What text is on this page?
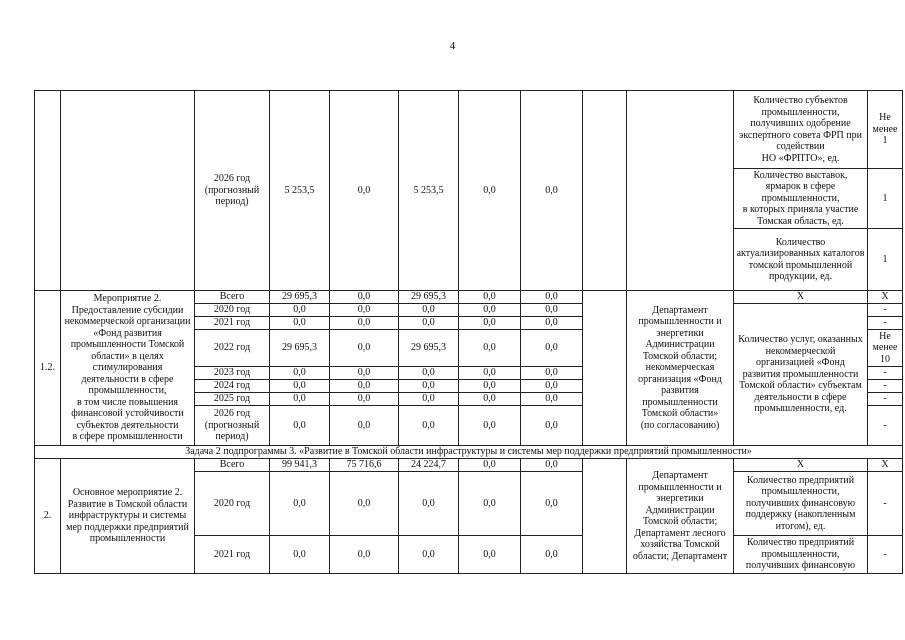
4
		2026 год
(прогнозный
период)	5 253,5	0,0	5 253,5	0,0	0,0			Количество субъектов промышленности, получивших одобрение экспертного совета ФРП при содействии
НО «ФРПТО», ед.	Не
менее 1
										Количество выставок, ярмарок в сфере промышленности,
в которых приняла участие
Томская область, ед.	1
										Количество актуализированных каталогов томской промышленной продукции, ед.	1
1.2.	Мероприятие 2.
Предоставление субсидии некоммерческой организации «Фонд развития промышленности Томской области» в целях стимулирования деятельности в сфере промышленности,
в том числе повышения финансовой устойчивости субъектов деятельности
в сфере промышленности	Всего	29 695,3	0,0	29 695,3	0,0	0,0		Департамент промышленности и энергетики Администрации Томской области; некоммерческая организация «Фонд развития промышленности Томской области»
(по согласованию)	X	X
		2020 год	0,0	0,0	0,0	0,0	0,0			Количество услуг, оказанных некоммерческой организацией «Фонд развития промышленности Томской области» субъектам деятельности в сфере промышленности, ед.	-
		2021 год	0,0	0,0	0,0	0,0	0,0				-
		2022 год	29 695,3	0,0	29 695,3	0,0	0,0				Не
менее
10
		2023 год	0,0	0,0	0,0	0,0	0,0				-
		2024 год	0,0	0,0	0,0	0,0	0,0				-
		2025 год	0,0	0,0	0,0	0,0	0,0				-
		2026 год
(прогнозный
период)	0,0	0,0	0,0	0,0	0,0				-
Задача 2 подпрограммы 3. «Развитие в Томской области инфраструктуры и системы мер поддержки предприятий промышленности»											
2.	Основное мероприятие 2.
Развитие в Томской области инфраструктуры и системы мер поддержки предприятий промышленности	Всего	99 941,3	75 716,6	24 224,7	0,0	0,0		Департамент промышленности и энергетики Администрации Томской области; Департамент лесного хозяйства Томской области; Департамент	X	X
		2020 год	0,0	0,0	0,0	0,0	0,0			Количество предприятий промышленности, получивших финансовую поддержку (накопленным итогом), ед.	-
		2021 год	0,0	0,0	0,0	0,0	0,0			Количество предприятий промышленности, получивших финансовую	-
